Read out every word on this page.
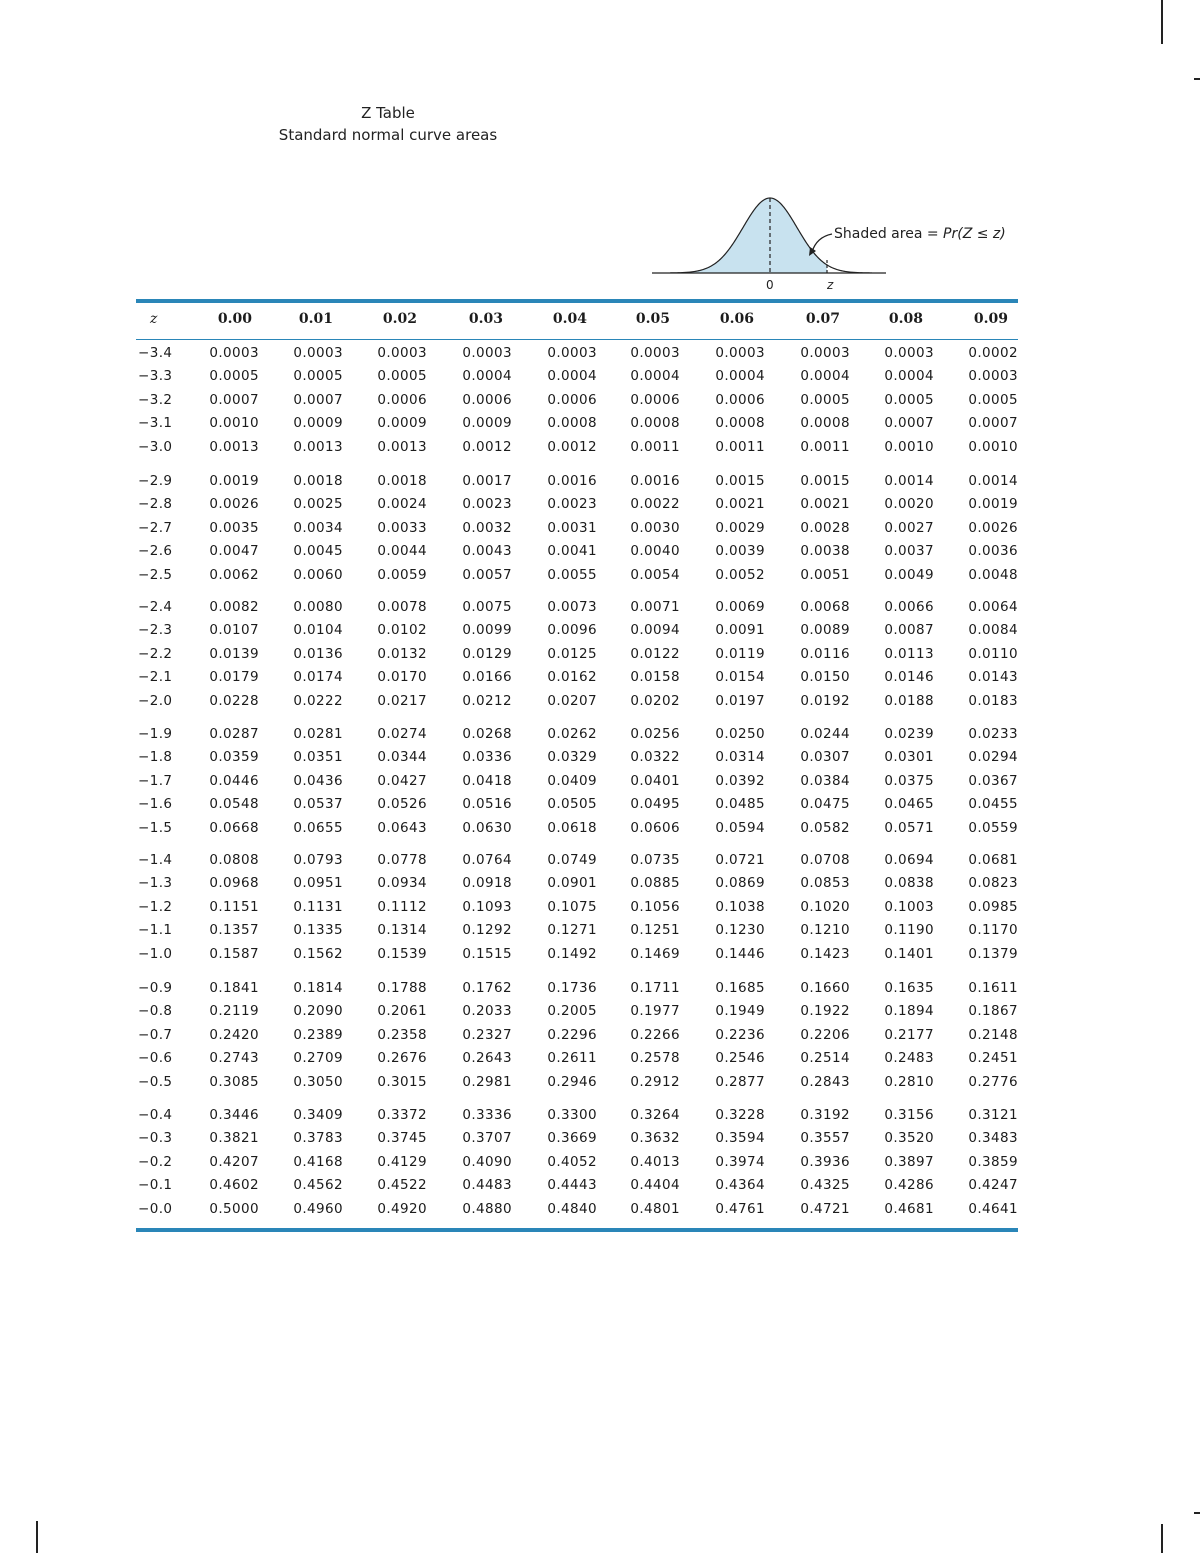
Z Table
Standard normal curve areas
Shaded area = Pr(Z ≤ z)
0	z
z	0.00	0.01	0.02	0.03	0.04	0.05	0.06	0.07	0.08	0.09
−3.4	0.0003	0.0003	0.0003	0.0003	0.0003 0.0003	0.0003	0.0003	0.0003	0.0002
−3.3	0.0005	0.0005	0.0005	0.0004	0.0004 0.0004	0.0004	0.0004	0.0004	0.0003
−3.2	0.0007	0.0007	0.0006	0.0006	0.0006 0.0006	0.0006	0.0005	0.0005	0.0005
−3.1	0.0010	0.0009	0.0009	0.0009	0.0008 0.0008	0.0008	0.0008	0.0007	0.0007
−3.0	0.0013	0.0013	0.0013	0.0012	0.0012 0.0011	0.0011	0.0011	0.0010	0.0010
−2.9	0.0019	0.0018	0.0018	0.0017	0.0016 0.0016	0.0015	0.0015	0.0014	0.0014
−2.8	0.0026	0.0025	0.0024	0.0023	0.0023 0.0022	0.0021	0.0021	0.0020	0.0019
−2.7	0.0035	0.0034	0.0033	0.0032	0.0031 0.0030	0.0029	0.0028	0.0027	0.0026
−2.6	0.0047	0.0045	0.0044	0.0043	0.0041 0.0040	0.0039	0.0038	0.0037	0.0036
−2.5	0.0062	0.0060	0.0059	0.0057	0.0055 0.0054	0.0052	0.0051	0.0049	0.0048
−2.4	0.0082	0.0080	0.0078	0.0075	0.0073 0.0071	0.0069	0.0068	0.0066	0.0064
−2.3	0.0107	0.0104	0.0102	0.0099	0.0096 0.0094	0.0091	0.0089	0.0087	0.0084
−2.2	0.0139	0.0136	0.0132	0.0129	0.0125 0.0122	0.0119	0.0116	0.0113	0.0110
−2.1	0.0179	0.0174	0.0170	0.0166	0.0162 0.0158	0.0154	0.0150	0.0146	0.0143
−2.0	0.0228	0.0222	0.0217	0.0212	0.0207 0.0202	0.0197	0.0192	0.0188	0.0183
−1.9	0.0287	0.0281	0.0274	0.0268	0.0262 0.0256	0.0250	0.0244	0.0239	0.0233
−1.8	0.0359	0.0351	0.0344	0.0336	0.0329 0.0322	0.0314	0.0307	0.0301	0.0294
−1.7	0.0446	0.0436	0.0427	0.0418	0.0409 0.0401	0.0392	0.0384	0.0375	0.0367
−1.6	0.0548	0.0537	0.0526	0.0516	0.0505 0.0495	0.0485	0.0475	0.0465	0.0455
−1.5	0.0668	0.0655	0.0643	0.0630	0.0618 0.0606	0.0594	0.0582	0.0571	0.0559
−1.4	0.0808	0.0793	0.0778	0.0764	0.0749 0.0735	0.0721	0.0708	0.0694	0.0681
−1.3	0.0968	0.0951	0.0934	0.0918	0.0901 0.0885	0.0869	0.0853	0.0838	0.0823
−1.2	0.1151	0.1131	0.1112	0.1093	0.1075 0.1056	0.1038	0.1020	0.1003	0.0985
−1.1	0.1357	0.1335	0.1314	0.1292	0.1271 0.1251	0.1230	0.1210	0.1190	0.1170
−1.0	0.1587	0.1562	0.1539	0.1515	0.1492 0.1469	0.1446	0.1423	0.1401	0.1379
−0.9	0.1841	0.1814	0.1788	0.1762	0.1736 0.1711	0.1685	0.1660	0.1635	0.1611
−0.8	0.2119	0.2090	0.2061	0.2033	0.2005 0.1977	0.1949	0.1922	0.1894	0.1867
−0.7	0.2420	0.2389	0.2358	0.2327	0.2296 0.2266	0.2236	0.2206	0.2177	0.2148
−0.6	0.2743	0.2709	0.2676	0.2643	0.2611 0.2578	0.2546	0.2514	0.2483	0.2451
−0.5	0.3085	0.3050	0.3015	0.2981	0.2946 0.2912	0.2877	0.2843	0.2810	0.2776
−0.4	0.3446	0.3409	0.3372	0.3336	0.3300 0.3264	0.3228	0.3192	0.3156	0.3121
−0.3	0.3821	0.3783	0.3745	0.3707	0.3669 0.3632	0.3594	0.3557	0.3520	0.3483
−0.2	0.4207	0.4168	0.4129	0.4090	0.4052 0.4013	0.3974	0.3936	0.3897	0.3859
−0.1	0.4602	0.4562	0.4522	0.4483	0.4443 0.4404	0.4364	0.4325	0.4286	0.4247
−0.0	0.5000	0.4960	0.4920	0.4880	0.4840 0.4801	0.4761	0.4721	0.4681	0.4641
